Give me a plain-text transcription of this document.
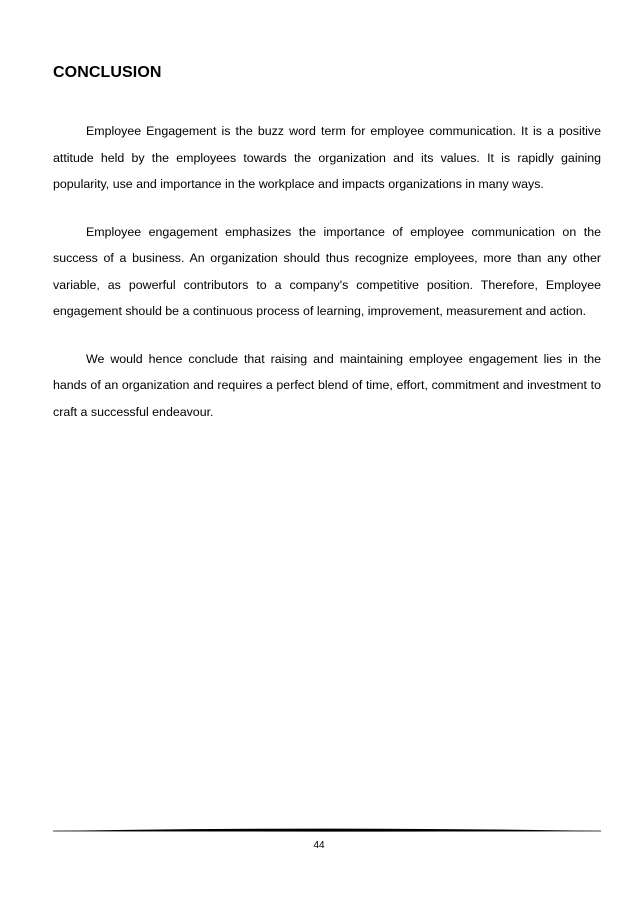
CONCLUSION

Employee Engagement is the buzz word term for employee communication. It is a positive attitude held by the employees towards the organization and its values. It is rapidly gaining popularity, use and importance in the workplace and impacts organizations in many ways.

Employee engagement emphasizes the importance of employee communication on the success of a business. An organization should thus recognize employees, more than any other variable, as powerful contributors to a company's competitive position. Therefore, Employee engagement should be a continuous process of learning, improvement, measurement and action.

We would hence conclude that raising and maintaining employee engagement lies in the hands of an organization and requires a perfect blend of time, effort, commitment and investment to craft a successful endeavour.

44
